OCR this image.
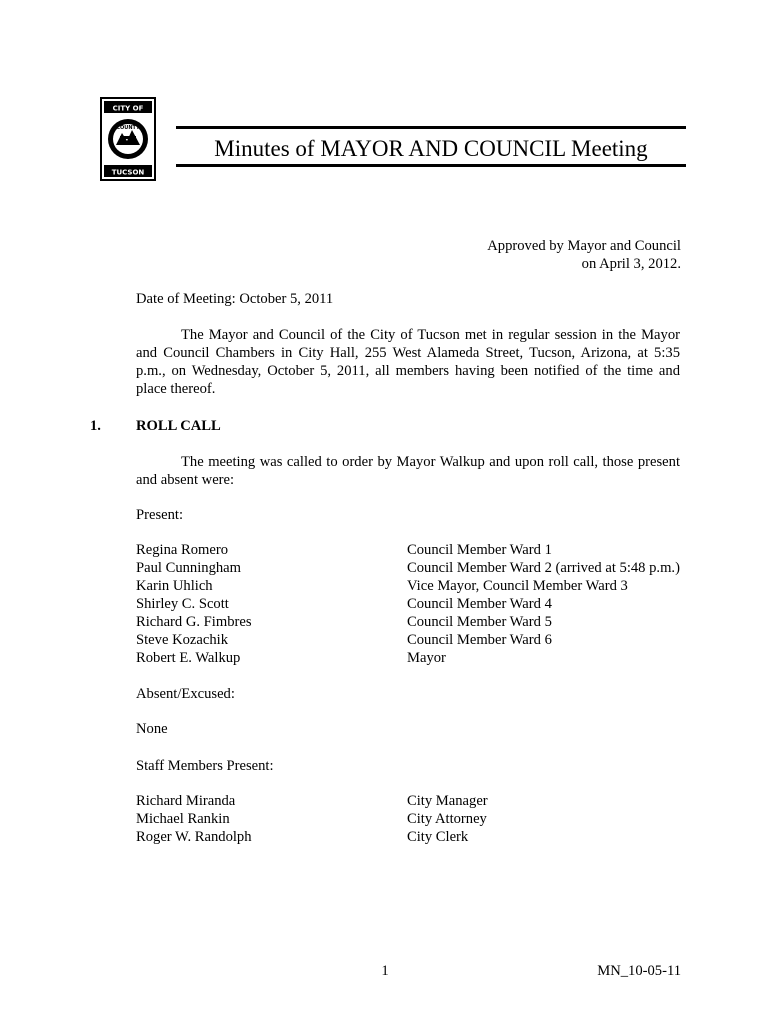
CITY OF
COUNTY
TUCSON
Minutes of MAYOR AND COUNCIL Meeting
Approved by Mayor and Council
on April 3, 2012.
Date of Meeting: October 5, 2011
The Mayor and Council of the City of Tucson met in regular session in the Mayor and Council Chambers in City Hall, 255 West Alameda Street, Tucson, Arizona, at 5:35 p.m., on Wednesday, October 5, 2011, all members having been notified of the time and place thereof.
1. ROLL CALL
The meeting was called to order by Mayor Walkup and upon roll call, those present and absent were:
Present:
Regina Romero	Council Member Ward 1
Paul Cunningham	Council Member Ward 2 (arrived at 5:48 p.m.)
Karin Uhlich	Vice Mayor, Council Member Ward 3
Shirley C. Scott	Council Member Ward 4
Richard G. Fimbres	Council Member Ward 5
Steve Kozachik	Council Member Ward 6
Robert E. Walkup	Mayor
Absent/Excused:
None
Staff Members Present:
Richard Miranda	City Manager
Michael Rankin	City Attorney
Roger W. Randolph	City Clerk
1	MN_10-05-11
